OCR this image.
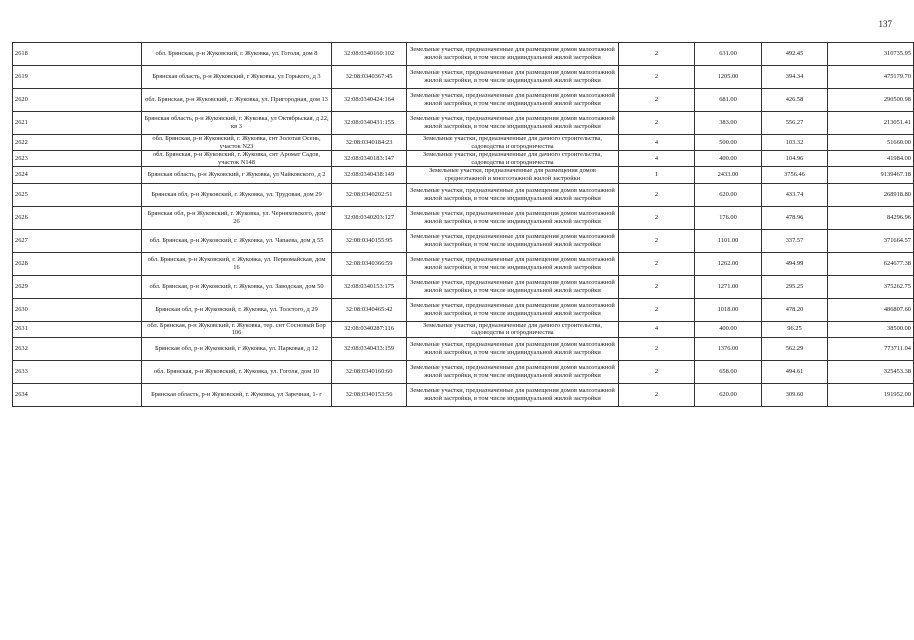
137
2618	обл. Брянская, р-н Жуковский, г. Жуковка, ул. Гоголя, дом 8	32:08:0340160:102	Земельные участки, предназначенные для размещения домов малоэтажной жилой застройки, в том числе индивидуальной жилой застройки	2	631.00	492.45	310735.95
2619	Брянская область, р-н Жуковский, г Жуковка, ул Горького, д 3	32:08:0340367:45	Земельные участки, предназначенные для размещения домов малоэтажной жилой застройки, в том числе индивидуальной жилой застройки	2	1205.00	394.34	475179.70
2620	обл. Брянская, р-н Жуковский, г. Жуковка, ул. Пригородная, дом 13	32:08:0340424:164	Земельные участки, предназначенные для размещения домов малоэтажной жилой застройки, в том числе индивидуальной жилой застройки	2	681.00	426.58	290500.98
2621	Брянская область, р-н Жуковский, г. Жуковка, ул Октябрьская, д 22, кв 3	32:08:0340431:155	Земельные участки, предназначенные для размещения домов малоэтажной жилой застройки, в том числе индивидуальной жилой застройки	2	383.00	556.27	213051.41
2622	обл. Брянская, р-н Жуковский, г. Жуковка, снт Золотая Осень, участок N23	32:08:0340184:23	Земельные участки, предназначенные для дачного строительства, садоводства и огородничества	4	500.00	103.32	51660.00
2623	обл. Брянская, р-н Жуковский, г. Жуковка, снт Аромат Садов, участок N148	32:08:0340183:147	Земельные участки, предназначенные для дачного строительства, садоводства и огородничества	4	400.00	104.96	41984.00
2624	Брянская область, р-н Жуковский, г Жуковка, ул Чайковского, д 2	32:08:0340438:149	Земельные участки, предназначенные для размещения домов среднеэтажной и многоэтажной жилой застройки	1	2433.00	3756.46	9139467.18
2625	Брянская обл, р-н Жуковский, г. Жуковка, ул. Трудовая, дом 29	32:08:0340202:51	Земельные участки, предназначенные для размещения домов малоэтажной жилой застройки, в том числе индивидуальной жилой застройки	2	620.00	433.74	268918.80
2626	Брянская обл, р-н Жуковский, г. Жуковка, ул. Черняховского, дом 26	32:08:0340203:127	Земельные участки, предназначенные для размещения домов малоэтажной жилой застройки, в том числе индивидуальной жилой застройки	2	176.00	478.96	84296.96
2627	обл. Брянская, р-н Жуковский, г. Жуковка, ул. Чапаева, дом д 55	32:08:0340155:95	Земельные участки, предназначенные для размещения домов малоэтажной жилой застройки, в том числе индивидуальной жилой застройки	2	1101.00	337.57	371664.57
2628	обл. Брянская, р-н Жуковский, г. Жуковка, ул. Первомайская, дом 16	32:08:0340366:59	Земельные участки, предназначенные для размещения домов малоэтажной жилой застройки, в том числе индивидуальной жилой застройки	2	1262.00	494.99	624677.38
2629	обл. Брянская, р-н Жуковский, г. Жуковка, ул. Заводская, дом 50	32:08:0340153:175	Земельные участки, предназначенные для размещения домов малоэтажной жилой застройки, в том числе индивидуальной жилой застройки	2	1271.00	295.25	375262.75
2630	Брянская обл, р-н Жуковский, г. Жуковка, ул. Толстого, д 29	32:08:0340465:42	Земельные участки, предназначенные для размещения домов малоэтажной жилой застройки, в том числе индивидуальной жилой застройки	2	1018.00	478.20	486807.60
2631	обл. Брянская, р-н Жуковский, г. Жуковка, тер. снт Сосновый Бор 106	32:08:0340287:116	Земельные участки, предназначенные для дачного строительства, садоводства и огородничества	4	400.00	96.25	38500.00
2632	Брянская обл, р-н Жуковский, г Жуковка, ул. Парковая, д 12	32:08:0340433:159	Земельные участки, предназначенные для размещения домов малоэтажной жилой застройки, в том числе индивидуальной жилой застройки	2	1376.00	562.29	773711.04
2633	обл. Брянская, р-н Жуковский, г. Жуковка, ул. Гоголя, дом 10	32:08:0340160:60	Земельные участки, предназначенные для размещения домов малоэтажной жилой застройки, в том числе индивидуальной жилой застройки	2	658.00	494.61	325453.38
2634	Брянская область, р-н Жуковский, г. Жуковка, ул Заречная, 1- г	32:08:0340153:56	Земельные участки, предназначенные для размещения домов малоэтажной жилой застройки, в том числе индивидуальной жилой застройки	2	620.00	309.60	191952.00
